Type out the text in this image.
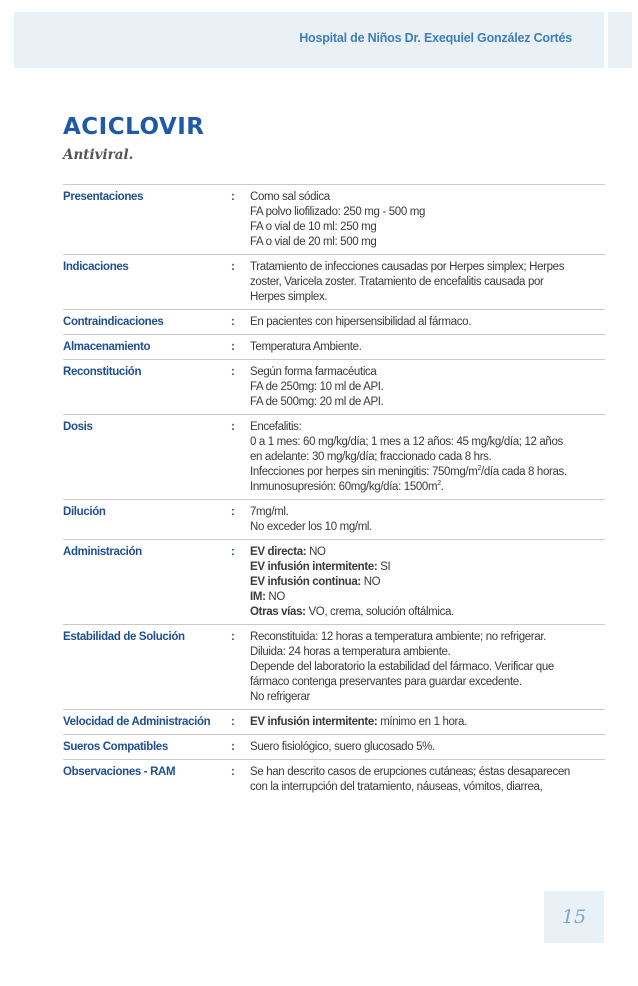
Hospital de Niños Dr. Exequiel González Cortés
ACICLOVIR
Antiviral.
Presentaciones	:	Como sal sódica
FA polvo liofilizado: 250 mg - 500 mg
FA o vial de 10 ml: 250 mg
FA o vial de 20 ml: 500 mg

Indicaciones	:	Tratamiento de infecciones causadas por Herpes simplex; Herpes
zoster, Varicela zoster. Tratamiento de encefalitis causada por
Herpes simplex.

Contraindicaciones	:	En pacientes con hipersensibilidad al fármaco.

Almacenamiento	:	Temperatura Ambiente.

Reconstitución	:	Según forma farmacéutica
FA de 250mg: 10 ml de API.
FA de 500mg: 20 ml de API.

Dosis	:	Encefalitis:
0 a 1 mes: 60 mg/kg/día; 1 mes a 12 años: 45 mg/kg/día; 12 años
en adelante: 30 mg/kg/día; fraccionado cada 8 hrs.
Infecciones por herpes sin meningitis: $750mg/m^2$/día cada 8 horas.
Inmunosupresión: 60mg/kg/día: $1500m^2$.

Dilución	:	7mg/ml.
No exceder los 10 mg/ml.

Administración	:	EV directa: NO
EV infusión intermitente: SI
EV infusión continua: NO
IM: NO
Otras vías: VO, crema, solución oftálmica.

Estabilidad de Solución	:	Reconstituida: 12 horas a temperatura ambiente; no refrigerar.
Diluida: 24 horas a temperatura ambiente.
Depende del laboratorio la estabilidad del fármaco. Verificar que
fármaco contenga preservantes para guardar excedente.
No refrigerar

Velocidad de Administración	:	EV infusión intermitente: mínimo en 1 hora.

Sueros Compatibles	:	Suero fisiológico, suero glucosado 5%.

Observaciones - RAM	:	Se han descrito casos de erupciones cutáneas; éstas desaparecen
con la interrupción del tratamiento, náuseas, vómitos, diarrea,
15
